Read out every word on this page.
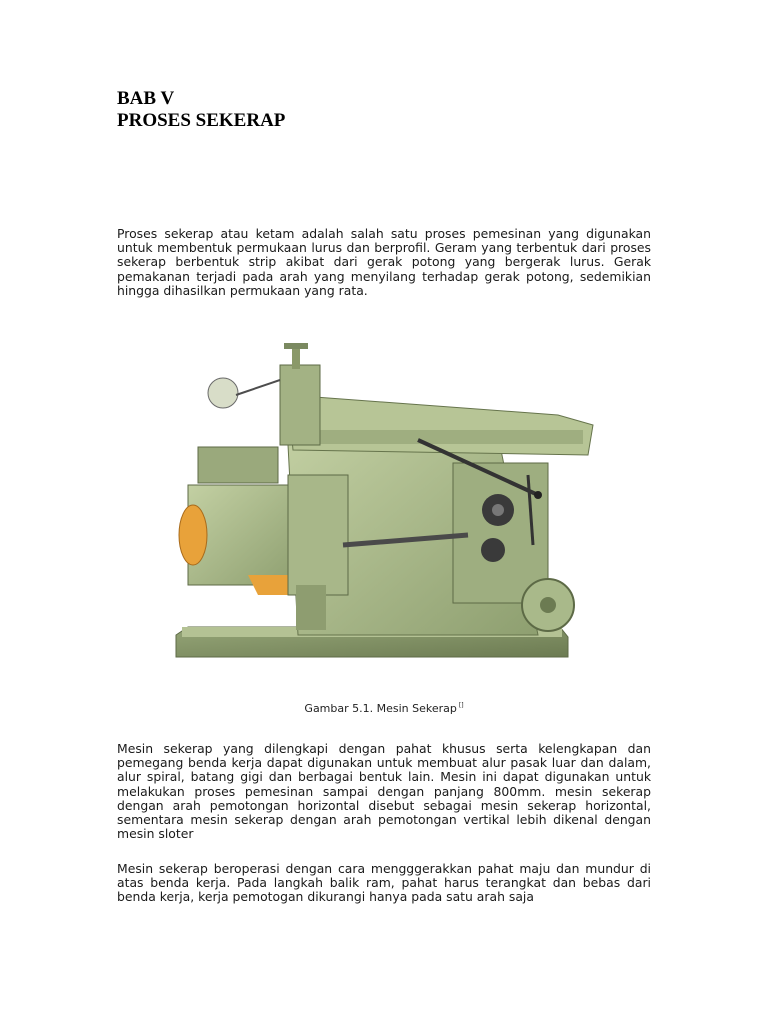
BAB V
PROSES SEKERAP

Proses sekerap atau ketam adalah salah satu proses pemesinan yang digunakan untuk membentuk permukaan lurus dan berprofil. Geram yang terbentuk dari proses sekerap berbentuk strip akibat dari gerak potong yang bergerak lurus. Gerak pemakanan terjadi pada arah yang menyilang terhadap gerak potong, sedemikian hingga dihasilkan permukaan yang rata.

Gambar 5.1. Mesin Sekerap []

Mesin sekerap yang dilengkapi dengan pahat khusus serta kelengkapan dan pemegang benda kerja dapat digunakan untuk membuat alur pasak luar dan dalam, alur spiral, batang gigi dan berbagai bentuk lain. Mesin ini dapat digunakan untuk melakukan proses pemesinan sampai dengan panjang 800mm. mesin sekerap dengan arah pemotongan horizontal disebut sebagai mesin sekerap horizontal, sementara mesin sekerap dengan arah pemotongan vertikal lebih dikenal dengan mesin sloter

Mesin sekerap beroperasi dengan cara mengggerakkan pahat maju dan mundur di atas benda kerja. Pada langkah balik ram, pahat harus terangkat dan bebas dari benda kerja, kerja pemotogan dikurangi hanya pada satu arah saja
